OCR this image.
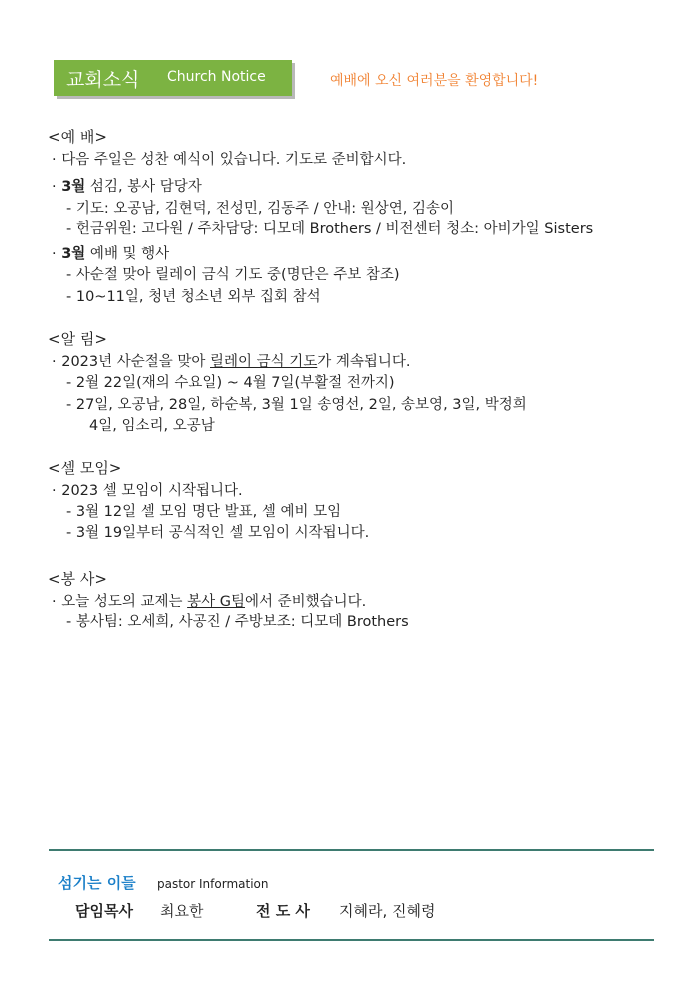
교회소식 Church Notice	예배에 오신 여러분을 환영합니다!
<예 배>
· 다음 주일은 성찬 예식이 있습니다. 기도로 준비합시다.
· 3월 섬김, 봉사 담당자
- 기도: 오공남, 김현덕, 전성민, 김동주 / 안내: 원상연, 김송이
- 헌금위원: 고다원 / 주차담당: 디모데 Brothers / 비전센터 청소: 아비가일 Sisters
· 3월 예배 및 행사
- 사순절 맞아 릴레이 금식 기도 중(명단은 주보 참조)
- 10~11일, 청년 청소년 외부 집회 참석
<알 림>
· 2023년 사순절을 맞아 릴레이 금식 기도가 계속됩니다.
- 2월 22일(재의 수요일) ~ 4월 7일(부활절 전까지)
- 27일, 오공남, 28일, 하순복, 3월 1일 송영선, 2일, 송보영, 3일, 박정희
4일, 임소리, 오공남
<셀 모임>
· 2023 셀 모임이 시작됩니다.
- 3월 12일 셀 모임 명단 발표, 셀 예비 모임
- 3월 19일부터 공식적인 셀 모임이 시작됩니다.
<봉 사>
· 오늘 성도의 교제는 봉사 G팀에서 준비했습니다.
- 봉사팀: 오세희, 사공진 / 주방보조: 디모데 Brothers
섬기는 이들 pastor Information
담임목사 최요한	전 도 사 지혜라, 진혜령
